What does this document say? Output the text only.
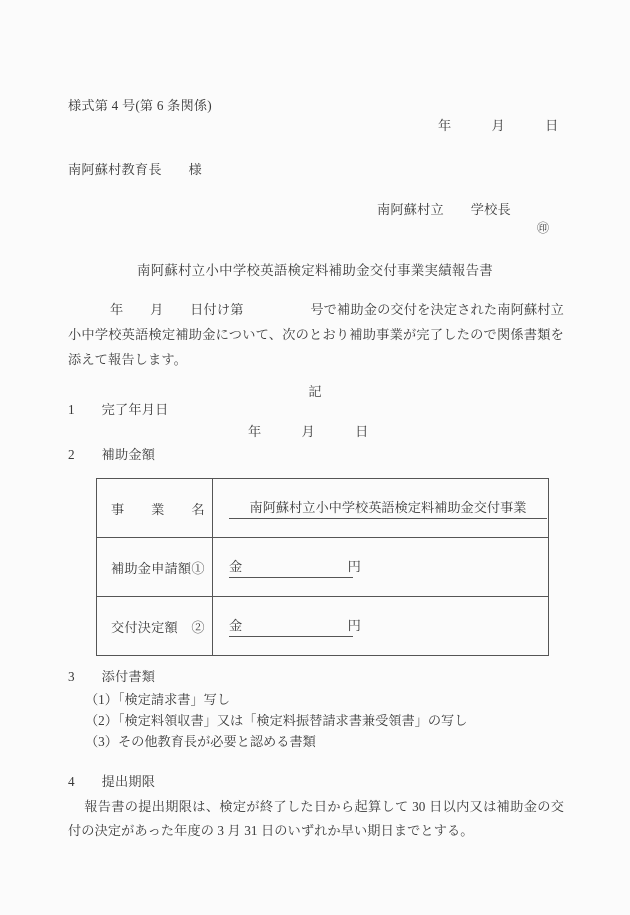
様式第 4 号(第 6 条関係)
年　　　月　　　日
南阿蘇村教育長　　様
南阿蘇村立　　学校長
㊞
南阿蘇村立小中学校英語検定料補助金交付事業実績報告書
年　　月　　日付け第　　　　　	号で補助金の交付を決定された南阿蘇村立小中学校英語検定補助金について、次のとおり補助事業が完了したので関係書類を添えて報告します。
記
1　　完了年月日
年　　　月　　　日
2　　補助金額
事　　業　　名	南阿蘇村立小中学校英語検定料補助金交付事業
補助金申請額①	金　　　　　　　　円
交付決定額　②	金　　　　　　　　円
3　　添付書類
（1）「検定請求書」写し
（2）「検定料領収書」又は「検定料振替請求書兼受領書」の写し
（3）その他教育長が必要と認める書類
4　　提出期限
報告書の提出期限は、検定が終了した日から起算して 30 日以内又は補助金の交付の決定があった年度の 3 月 31 日のいずれか早い期日までとする。
